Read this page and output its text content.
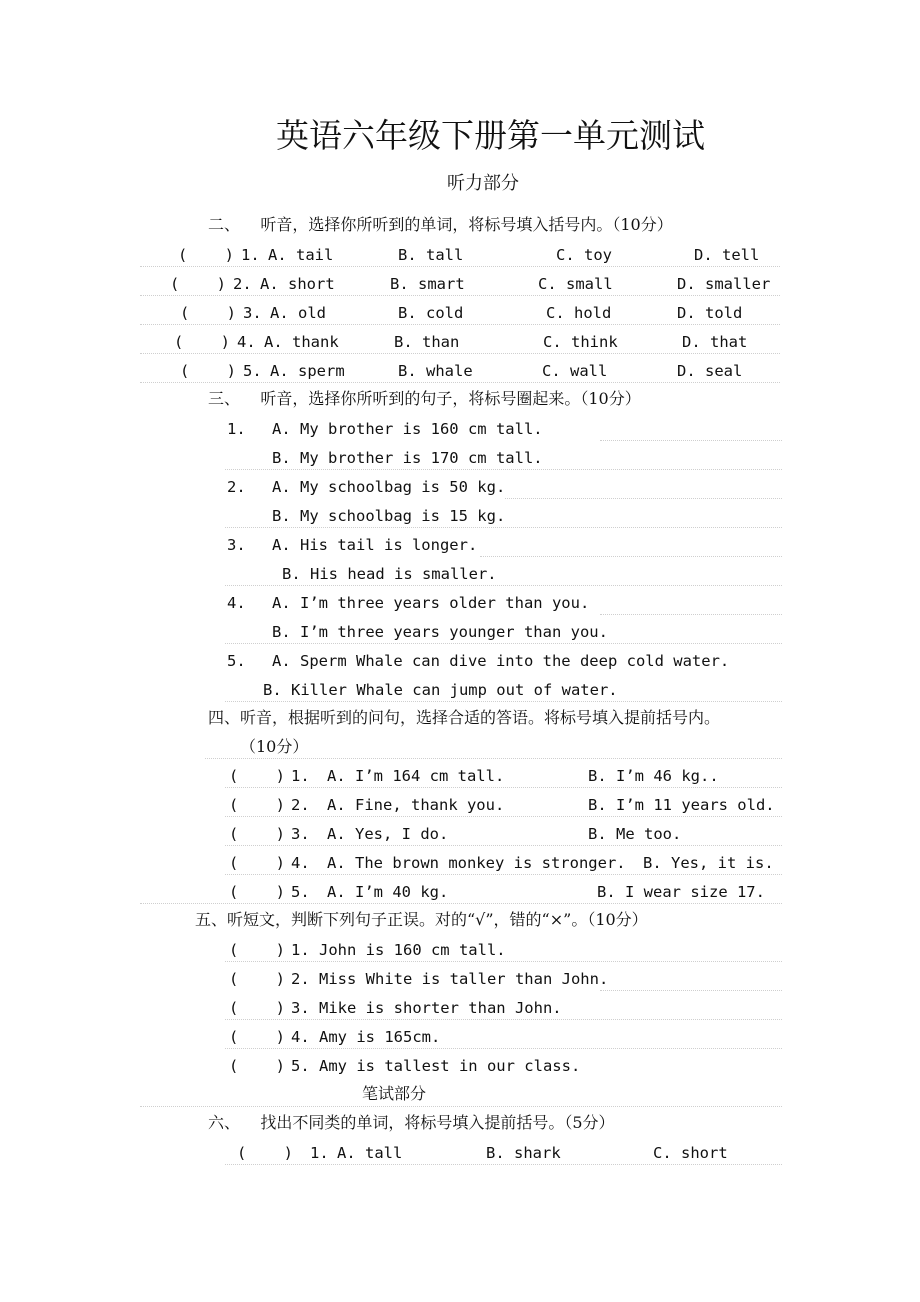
英语六年级下册第一单元测试
听力部分
二、    听音，选择你所听到的单词，将标号填入括号内。（10分）
(    ) 1. A. tail	B. tall	C. toy	D. tell
(    ) 2. A. short	B. smart	C. small	D. smaller
(    ) 3. A. old	B. cold	C. hold	D. told
(    ) 4. A. thank	B. than	C. think	D. that
(    ) 5. A. sperm	B. whale	C. wall	D. seal
三、    听音，选择你所听到的句子，将标号圈起来。（10分）
1. A. My brother is 160 cm tall.
B. My brother is 170 cm tall.
2. A. My schoolbag is 50 kg.
B. My schoolbag is 15 kg.
3. A. His tail is longer.
B. His head is smaller.
4. A. I’m three years older than you.
B. I’m three years younger than you.
5. A. Sperm Whale can dive into the deep cold water.
B. Killer Whale can jump out of water.
四、听音，根据听到的问句，选择合适的答语。将标号填入提前括号内。
（10分）
(    ) 1. A. I’m 164 cm tall.	B. I’m 46 kg..
(    ) 2. A. Fine, thank you.	B. I’m 11 years old.
(    ) 3. A. Yes, I do.	B. Me too.
(    ) 4. A. The brown monkey is stronger. B. Yes, it is.
(    ) 5. A. I’m 40 kg.	B. I wear size 17.
五、听短文，判断下列句子正误。对的“√”，错的“×”。（10分）
(    ) 1. John is 160 cm tall.
(    ) 2. Miss White is taller than John.
(    ) 3. Mike is shorter than John.
(    ) 4. Amy is 165cm.
(    ) 5. Amy is tallest in our class.
笔试部分
六、    找出不同类的单词，将标号填入提前括号。（5分）
(    ) 1. A. tall	B. shark	C. short
